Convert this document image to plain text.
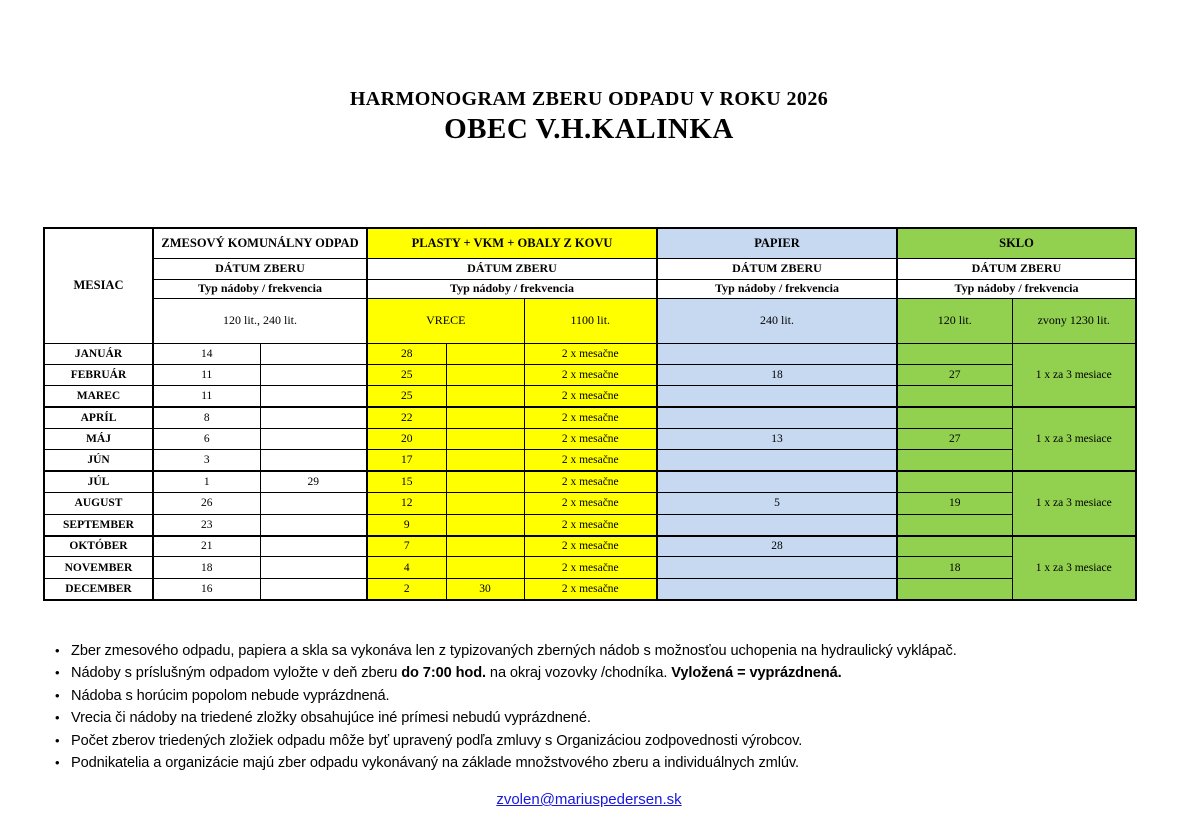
HARMONOGRAM ZBERU ODPADU V ROKU 2026
OBEC V.H.KALINKA
MESIAC	ZMESOVÝ KOMUNÁLNY ODPAD		PLASTY + VKM + OBALY Z KOVU			PAPIER	SKLO	
	DÁTUM ZBERU		DÁTUM ZBERU			DÁTUM ZBERU	DÁTUM ZBERU	
	Typ nádoby / frekvencia		Typ nádoby / frekvencia			Typ nádoby / frekvencia	Typ nádoby / frekvencia	
	120 lit., 240 lit.		VRECE		1100 lit.	240 lit.	120 lit.	zvony 1230 lit.
JANUÁR	14		28		2 x mesačne			1 x za 3 mesiace
FEBRUÁR	11		25		2 x mesačne	18	27	
MAREC	11		25		2 x mesačne			
APRÍL	8		22		2 x mesačne			1 x za 3 mesiace
MÁJ	6		20		2 x mesačne	13	27	
JÚN	3		17		2 x mesačne			
JÚL	1	29	15		2 x mesačne			1 x za 3 mesiace
AUGUST	26		12		2 x mesačne	5	19	
SEPTEMBER	23		9		2 x mesačne			
OKTÓBER	21		7		2 x mesačne	28		1 x za 3 mesiace
NOVEMBER	18		4		2 x mesačne		18	
DECEMBER	16		2	30	2 x mesačne			
• Zber zmesového odpadu, papiera a skla sa vykonáva len z typizovaných zberných nádob s možnosťou uchopenia na hydraulický vyklápač.
• Nádoby s príslušným odpadom vyložte v deň zberu do 7:00 hod. na okraj vozovky /chodníka. Vyložená = vyprázdnená.
• Nádoba s horúcim popolom nebude vyprázdnená.
• Vrecia či nádoby na triedené zložky obsahujúce iné prímesi nebudú vyprázdnené.
• Počet zberov triedených zložiek odpadu môže byť upravený podľa zmluvy s Organizáciou zodpovednosti výrobcov.
• Podnikatelia a organizácie majú zber odpadu vykonávaný na základe množstvového zberu a individuálnych zmlúv.
zvolen@mariuspedersen.sk
